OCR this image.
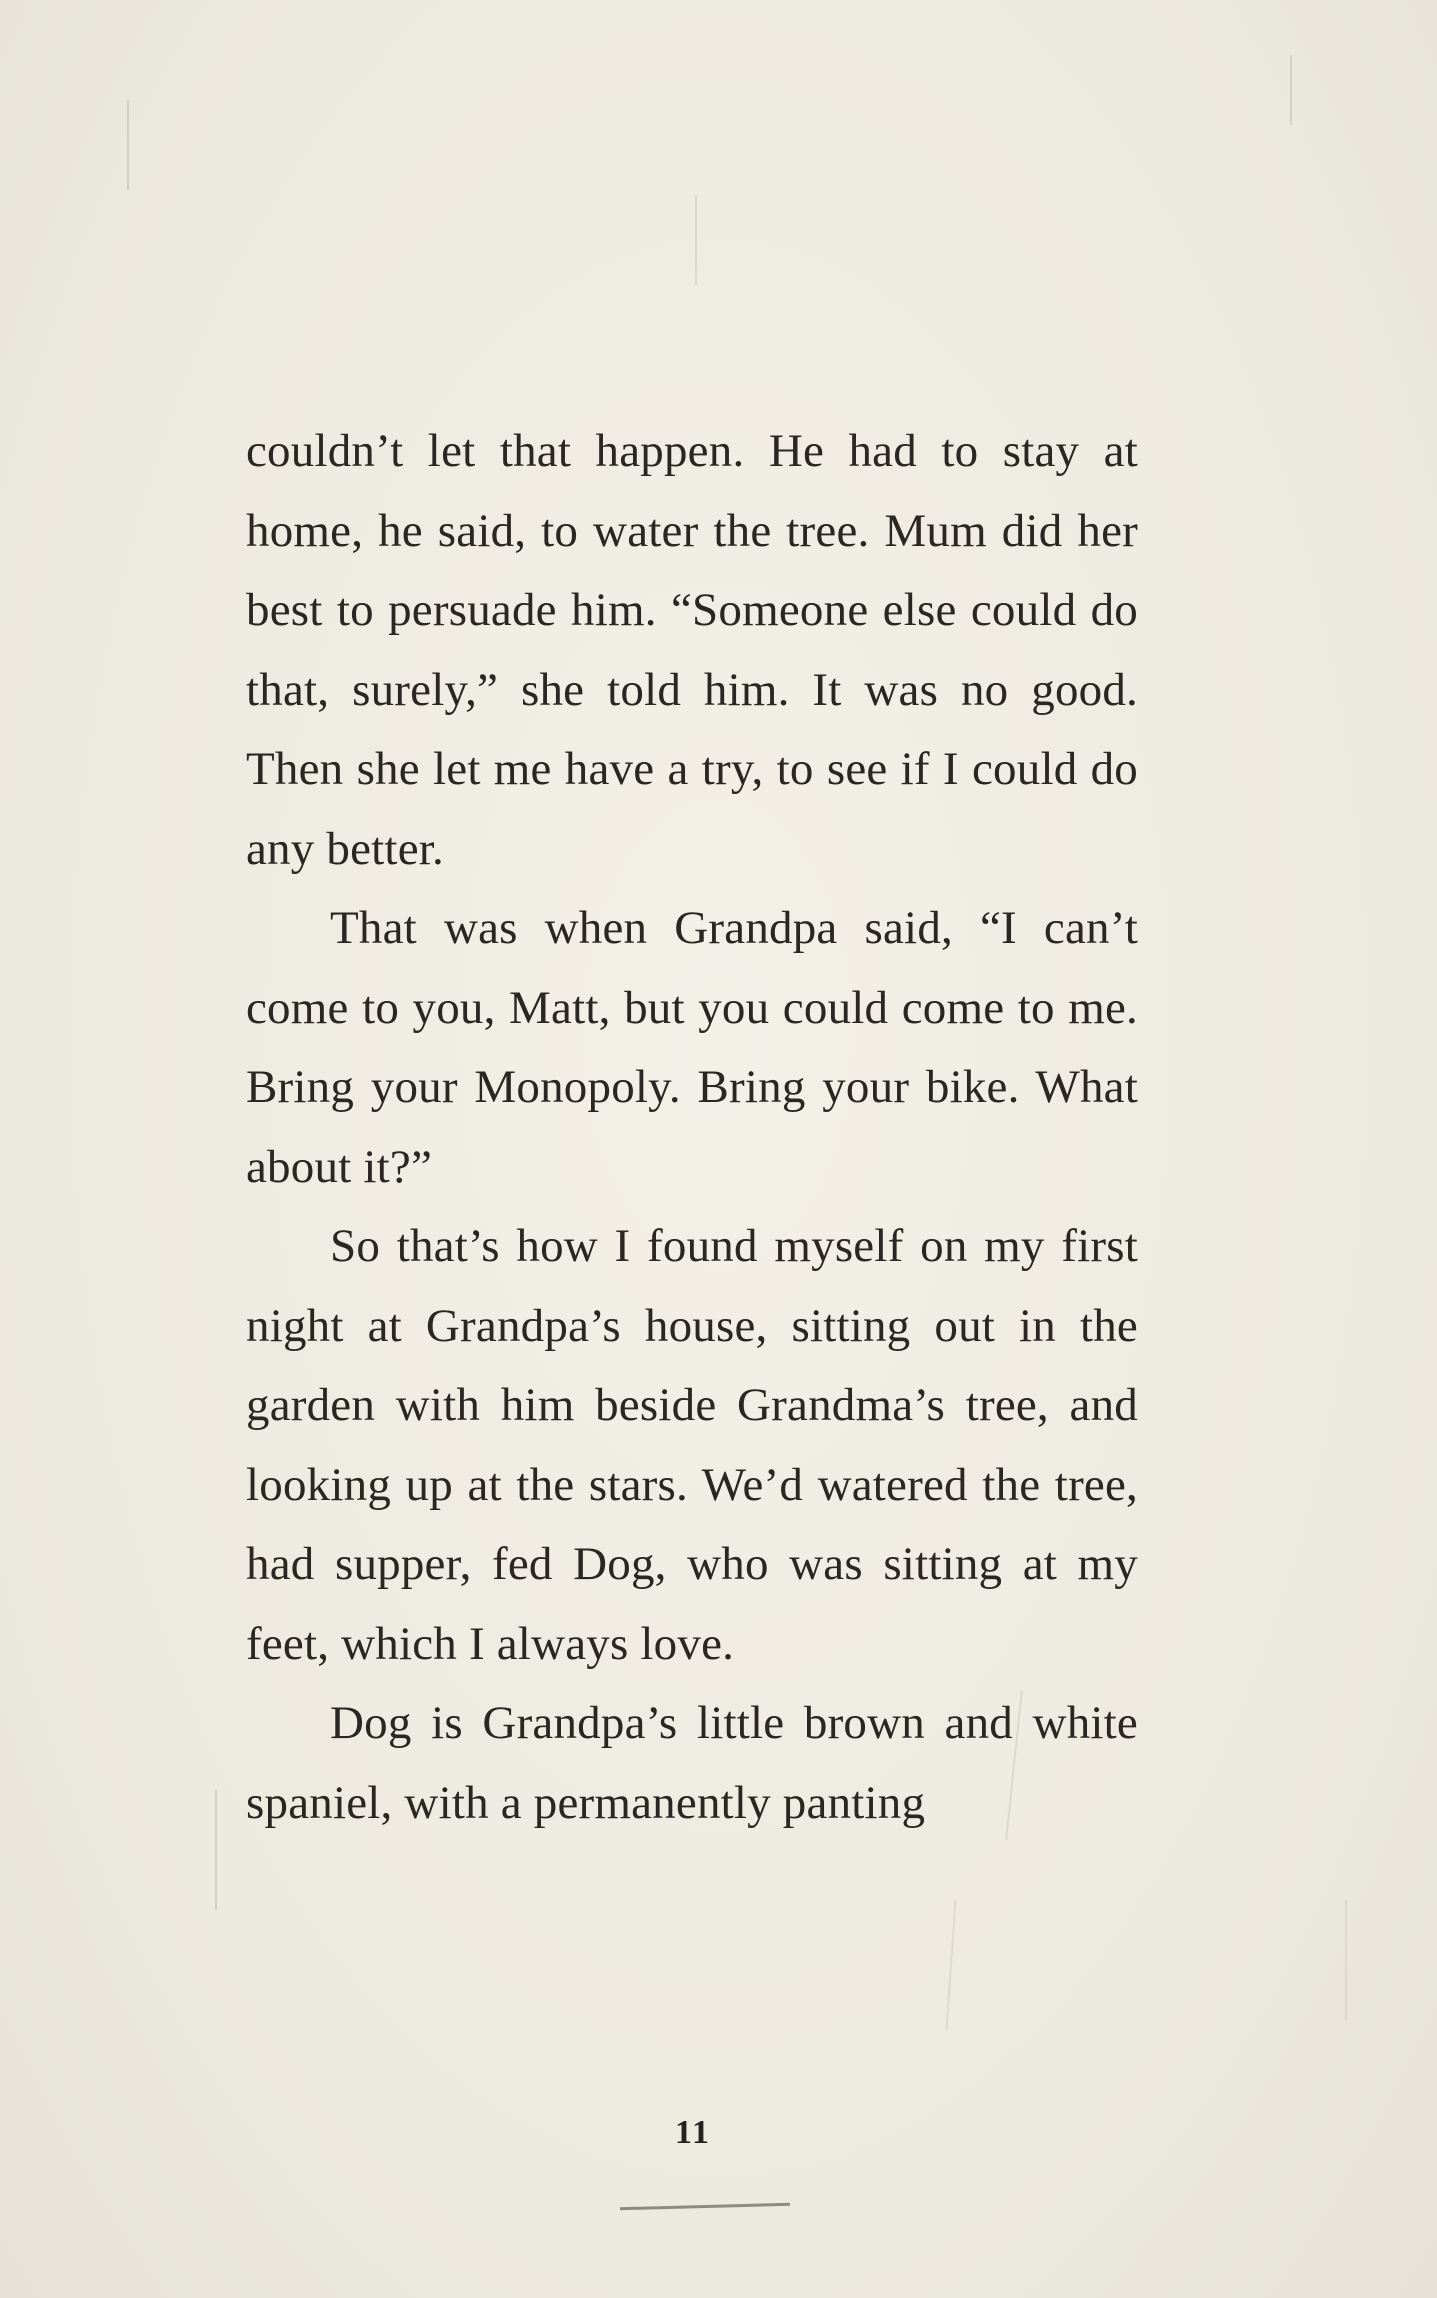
couldn’t let that happen. He had to stay at home, he said, to water the tree. Mum did her best to persuade him. “Someone else could do that, surely,” she told him. It was no good. Then she let me have a try, to see if I could do any better.

That was when Grandpa said, “I can’t come to you, Matt, but you could come to me. Bring your Monopoly. Bring your bike. What about it?”

So that’s how I found myself on my first night at Grandpa’s house, sitting out in the garden with him beside Grandma’s tree, and looking up at the stars. We’d watered the tree, had supper, fed Dog, who was sitting at my feet, which I always love.

Dog is Grandpa’s little brown and white spaniel, with a permanently panting

11
